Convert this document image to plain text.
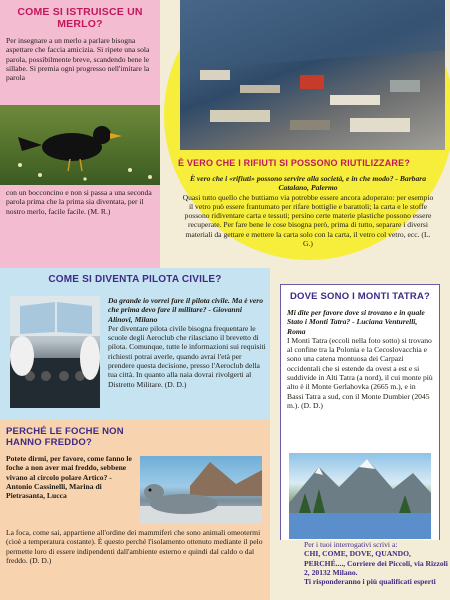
COME SI ISTRUISCE UN MERLO?

Per insegnare a un merlo a parlare bisogna aspettare che faccia amicizia. Si ripete una sola parola, possibilmente breve, scandendo bene le sillabe. Si premia ogni progresso nell'imitare la parola

con un bocconcino e non si passa a una seconda parola prima che la prima sia diventata, per il nostro merlo, facile facile. (M. R.)

È VERO CHE I RIFIUTI SI POSSONO RIUTILIZZARE?

È vero che i «rifiuti» possono servire alla società, e in che modo? - Barbara Catalano, Palermo

Quasi tutto quello che buttiamo via potrebbe essere ancora adoperato: per esempio il vetro può essere frantumato per rifare bottiglie e barattoli; la carta e le stoffe possono ridiventare carta e tessuti; persino certe materie plastiche possono essere recuperate. Per fare bene le cose bisogna però, prima di tutto, separare i diversi materiali da gettare e mettere la carta solo con la carta, il vetro col vetro, ecc. (L. G.)

COME SI DIVENTA PILOTA CIVILE?

Da grande io vorrei fare il pilota civile. Ma è vero che prima devo fare il militare? - Giovanni Alinovi, Milano

Per diventare pilota civile bisogna frequentare le scuole degli Aeroclub che rilasciano il brevetto di pilota. Comunque, tutte le informazioni sui requisiti richiesti potrai averle, quando avrai l'età per prendere questa decisione, presso l'Aeroclub della tua città. In quanto alla naia dovrai rivolgerti al Distretto Militare. (D. D.)

PERCHÉ LE FOCHE NON HANNO FREDDO?

Potete dirmi, per favore, come fanno le foche a non aver mai freddo, sebbene vivano al circolo polare Artico? - Antonio Cassinelli, Marina di Pietrasanta, Lucca

La foca, come sai, appartiene all'ordine dei mammiferi che sono animali omeotermi (cioè a temperatura costante). È questo perché l'isolamento ottenuto mediante il pelo permette loro di essere indipendenti dall'ambiente esterno e quindi dal caldo o dal freddo. (D. D.)

DOVE SONO I MONTI TATRA?

Mi dite per favore dove si trovano e in quale Stato i Monti Tatra? - Luciana Venturelli, Roma

I Monti Tatra (eccoli nella foto sotto) si trovano al confine tra la Polonia e la Cecoslovacchia e sono una catena montuosa dei Carpazi occidentali che si estende da ovest a est e si suddivide in Alti Tatra (a nord), il cui monte più alto è il Monte Gerlahovka (2665 m.), e in Bassi Tatra a sud, con il Monte Dumbier (2045 m.). (D. D.)

Per i tuoi interrogativi scrivi a:
CHI, COME, DOVE, QUANDO, PERCHÉ...., Corriere dei Piccoli, via Rizzoli 2, 20132 Milano.
Ti risponderanno i più qualificati esperti
